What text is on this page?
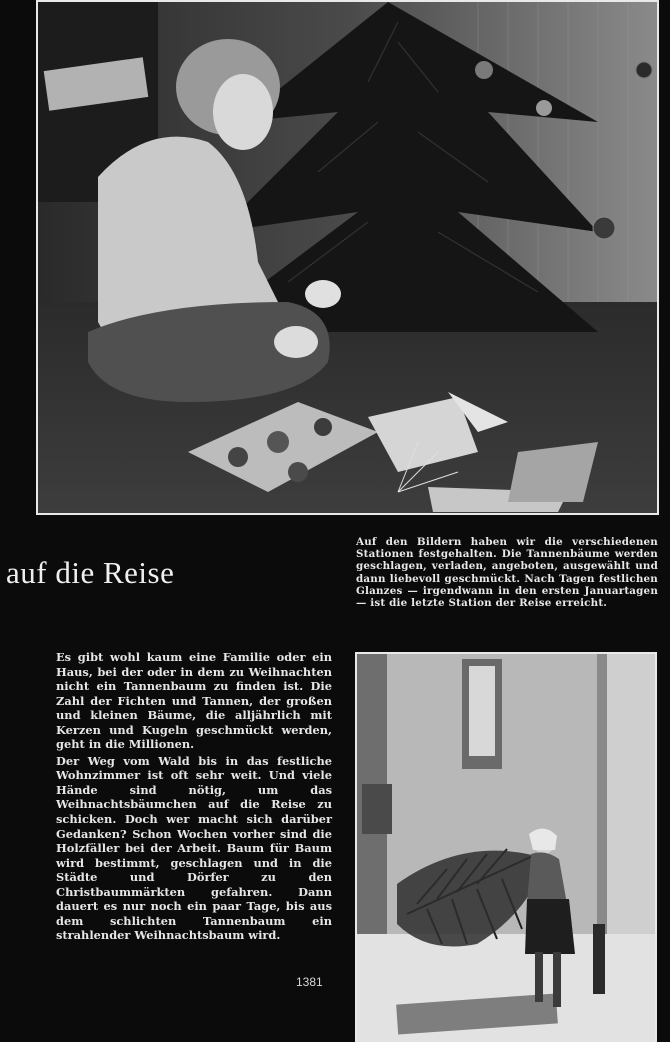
auf die Reise
Auf den Bildern haben wir die verschiedenen Stationen festgehalten. Die Tannenbäume werden geschlagen, verladen, angeboten, ausgewählt und dann liebevoll geschmückt. Nach Tagen festlichen Glanzes — irgendwann in den ersten Januartagen — ist die letzte Station der Reise erreicht.

Es gibt wohl kaum eine Familie oder ein Haus, bei der oder in dem zu Weihnachten nicht ein Tannenbaum zu finden ist. Die Zahl der Fichten und Tannen, der großen und kleinen Bäume, die alljährlich mit Kerzen und Kugeln geschmückt werden, geht in die Millionen.

Der Weg vom Wald bis in das festliche Wohnzimmer ist oft sehr weit. Und viele Hände sind nötig, um das Weihnachtsbäumchen auf die Reise zu schicken. Doch wer macht sich darüber Gedanken? Schon Wochen vorher sind die Holzfäller bei der Arbeit. Baum für Baum wird bestimmt, geschlagen und in die Städte und Dörfer zu den Christbaummärkten gefahren. Dann dauert es nur noch ein paar Tage, bis aus dem schlichten Tannenbaum ein strahlender Weihnachtsbaum wird.

1381
